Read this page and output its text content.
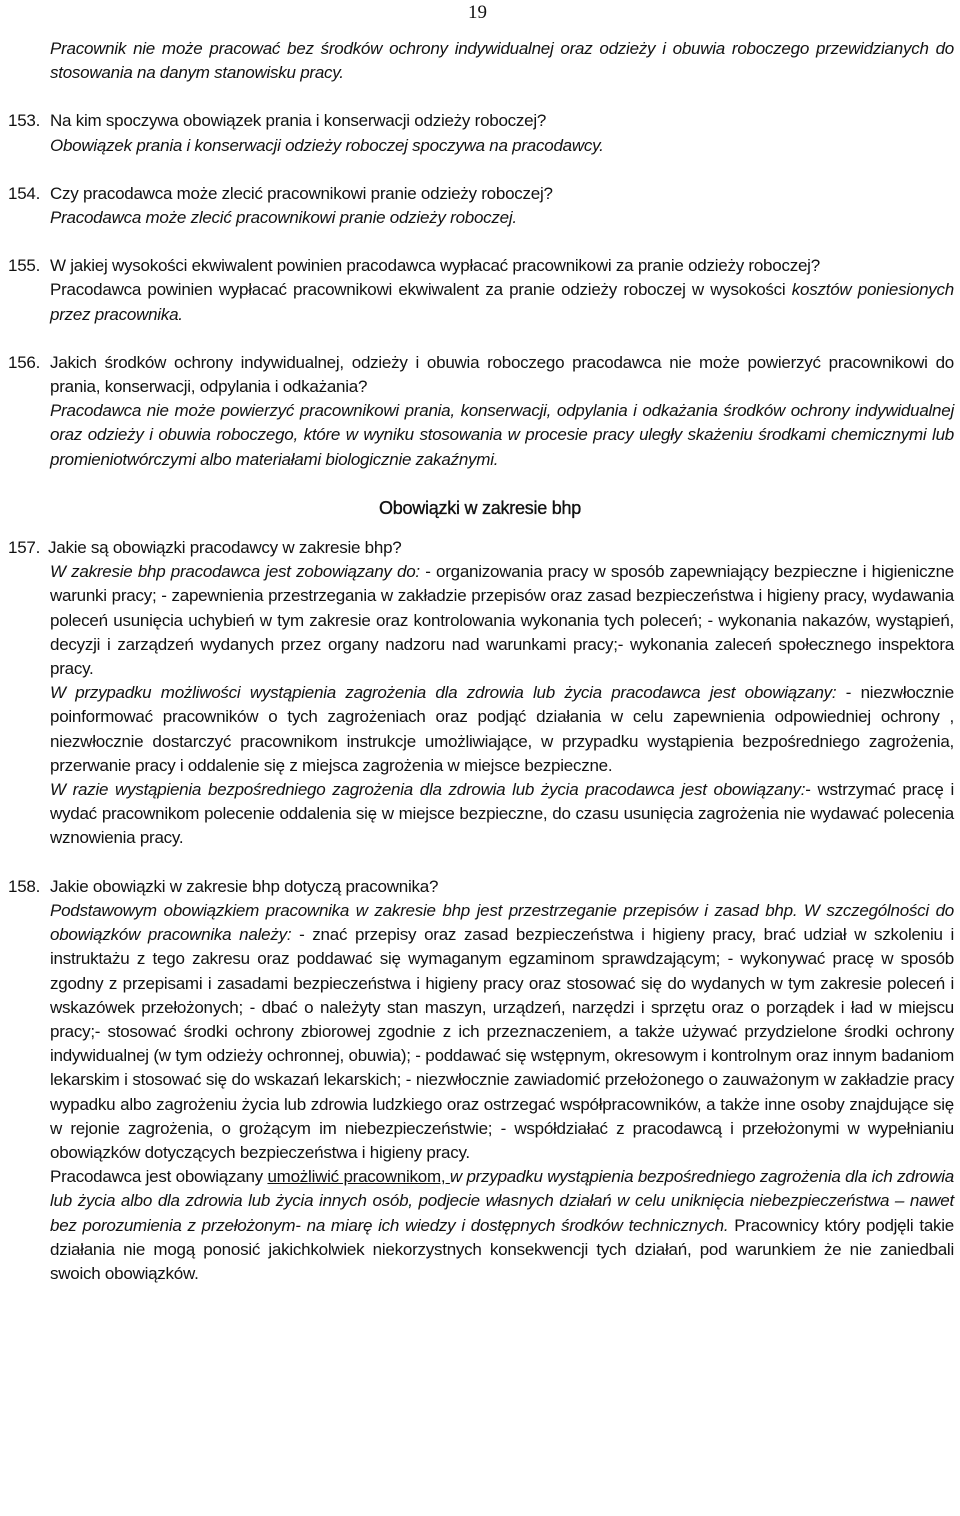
19

Pracownik nie może pracować bez środków ochrony indywidualnej oraz odzieży i obuwia roboczego przewidzianych do stosowania na danym stanowisku pracy.

153. Na kim spoczywa obowiązek prania i konserwacji odzieży roboczej?

Obowiązek prania i konserwacji odzieży roboczej spoczywa na pracodawcy.

154. Czy pracodawca może zlecić pracownikowi pranie odzieży roboczej?

Pracodawca może zlecić pracownikowi pranie odzieży roboczej.

155. W jakiej wysokości ekwiwalent powinien pracodawca wypłacać pracownikowi za pranie odzieży roboczej?

Pracodawca powinien wypłacać pracownikowi ekwiwalent za pranie odzieży roboczej w wysokości kosztów poniesionych przez pracownika.

156. Jakich środków ochrony indywidualnej, odzieży i obuwia roboczego pracodawca nie może powierzyć pracownikowi do prania, konserwacji, odpylania i odkażania?

Pracodawca nie może powierzyć pracownikowi prania, konserwacji, odpylania i odkażania środków ochrony indywidualnej oraz odzieży i obuwia roboczego, które w wyniku stosowania w procesie pracy uległy skażeniu środkami chemicznymi lub promieniotwórczymi albo materiałami biologicznie zakaźnymi.

Obowiązki w zakresie bhp
157. Jakie są obowiązki pracodawcy w zakresie bhp?

W zakresie bhp pracodawca jest zobowiązany do: - organizowania pracy w sposób zapewniający bezpieczne i higieniczne warunki pracy; - zapewnienia przestrzegania w zakładzie przepisów oraz zasad bezpieczeństwa i higieny pracy, wydawania poleceń usunięcia uchybień w tym zakresie oraz kontrolowania wykonania tych poleceń; - wykonania nakazów, wystąpień, decyzji i zarządzeń wydanych przez organy nadzoru nad warunkami pracy;- wykonania zaleceń społecznego inspektora pracy.

W przypadku możliwości wystąpienia zagrożenia dla zdrowia lub życia pracodawca jest obowiązany: - niezwłocznie poinformować pracowników o tych zagrożeniach oraz podjąć działania w celu zapewnienia odpowiedniej ochrony , niezwłocznie dostarczyć pracownikom instrukcje umożliwiające, w przypadku wystąpienia bezpośredniego zagrożenia, przerwanie pracy i oddalenie się z miejsca zagrożenia w miejsce bezpieczne.

W razie wystąpienia bezpośredniego zagrożenia dla zdrowia lub życia pracodawca jest obowiązany:- wstrzymać pracę i wydać pracownikom polecenie oddalenia się w miejsce bezpieczne, do czasu usunięcia zagrożenia nie wydawać polecenia wznowienia pracy.

158. Jakie obowiązki w zakresie bhp dotyczą pracownika?

Podstawowym obowiązkiem pracownika w zakresie bhp jest przestrzeganie przepisów i zasad bhp. W szczególności do obowiązków pracownika należy: - znać przepisy oraz zasad bezpieczeństwa i higieny pracy, brać udział w szkoleniu i instruktażu z tego zakresu oraz poddawać się wymaganym egzaminom sprawdzającym; - wykonywać pracę w sposób zgodny z przepisami i zasadami bezpieczeństwa i higieny pracy oraz stosować się do wydanych w tym zakresie poleceń i wskazówek przełożonych; - dbać o należyty stan maszyn, urządzeń, narzędzi i sprzętu oraz o porządek i ład w miejscu pracy;- stosować środki ochrony zbiorowej zgodnie z ich przeznaczeniem, a także używać przydzielone środki ochrony indywidualnej (w tym odzieży ochronnej, obuwia); - poddawać się wstępnym, okresowym i kontrolnym oraz innym badaniom lekarskim i stosować się do wskazań lekarskich; - niezwłocznie zawiadomić przełożonego o zauważonym w zakładzie pracy wypadku albo zagrożeniu życia lub zdrowia ludzkiego oraz ostrzegać współpracowników, a także inne osoby znajdujące się w rejonie zagrożenia, o grożącym im niebezpieczeństwie; - współdziałać z pracodawcą i przełożonymi w wypełnianiu obowiązków dotyczących bezpieczeństwa i higieny pracy.

Pracodawca jest obowiązany umożliwić pracownikom, w przypadku wystąpienia bezpośredniego zagrożenia dla ich zdrowia lub życia albo dla zdrowia lub życia innych osób, podjecie własnych działań w celu uniknięcia niebezpieczeństwa – nawet bez porozumienia z przełożonym- na miarę ich wiedzy i dostępnych środków technicznych. Pracownicy który podjęli takie działania nie mogą ponosić jakichkolwiek niekorzystnych konsekwencji tych działań, pod warunkiem że nie zaniedbali swoich obowiązków.
